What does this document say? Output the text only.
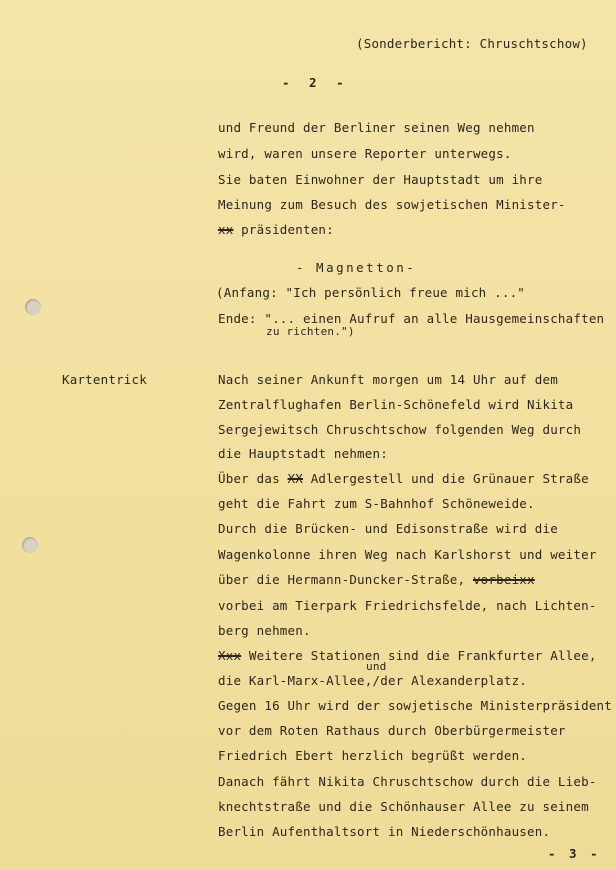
(Sonderbericht: Chruschtschow)
- 2 -
und Freund der Berliner seinen Weg nehmen
wird, waren unsere Reporter unterwegs.
Sie baten Einwohner der Hauptstadt um ihre
Meinung zum Besuch des sowjetischen Minister-
xx präsidenten:
- Magnetton-
(Anfang: "Ich persönlich freue mich ..."
Ende: "... einen Aufruf an alle Hausgemeinschaften
zu richten.")
Kartentrick	Nach seiner Ankunft morgen um 14 Uhr auf dem
Zentralflughafen Berlin-Schönefeld wird Nikita
Sergejewitsch Chruschtschow folgenden Weg durch
die Hauptstadt nehmen:
Über das XX Adlergestell und die Grünauer Straße
geht die Fahrt zum S-Bahnhof Schöneweide.
Durch die Brücken- und Edisonstraße wird die
Wagenkolonne ihren Weg nach Karlshorst und weiter
über die Hermann-Duncker-Straße, vorbeixx
vorbei am Tierpark Friedrichsfelde, nach Lichten-
berg nehmen.
Xxx Weitere Stationen sind die Frankfurter Allee,
und
die Karl-Marx-Allee,/der Alexanderplatz.
Gegen 16 Uhr wird der sowjetische Ministerpräsident
vor dem Roten Rathaus durch Oberbürgermeister
Friedrich Ebert herzlich begrüßt werden.
Danach fährt Nikita Chruschtschow durch die Lieb-
knechtstraße und die Schönhauser Allee zu seinem
Berlin Aufenthaltsort in Niederschönhausen.
- 3 -
